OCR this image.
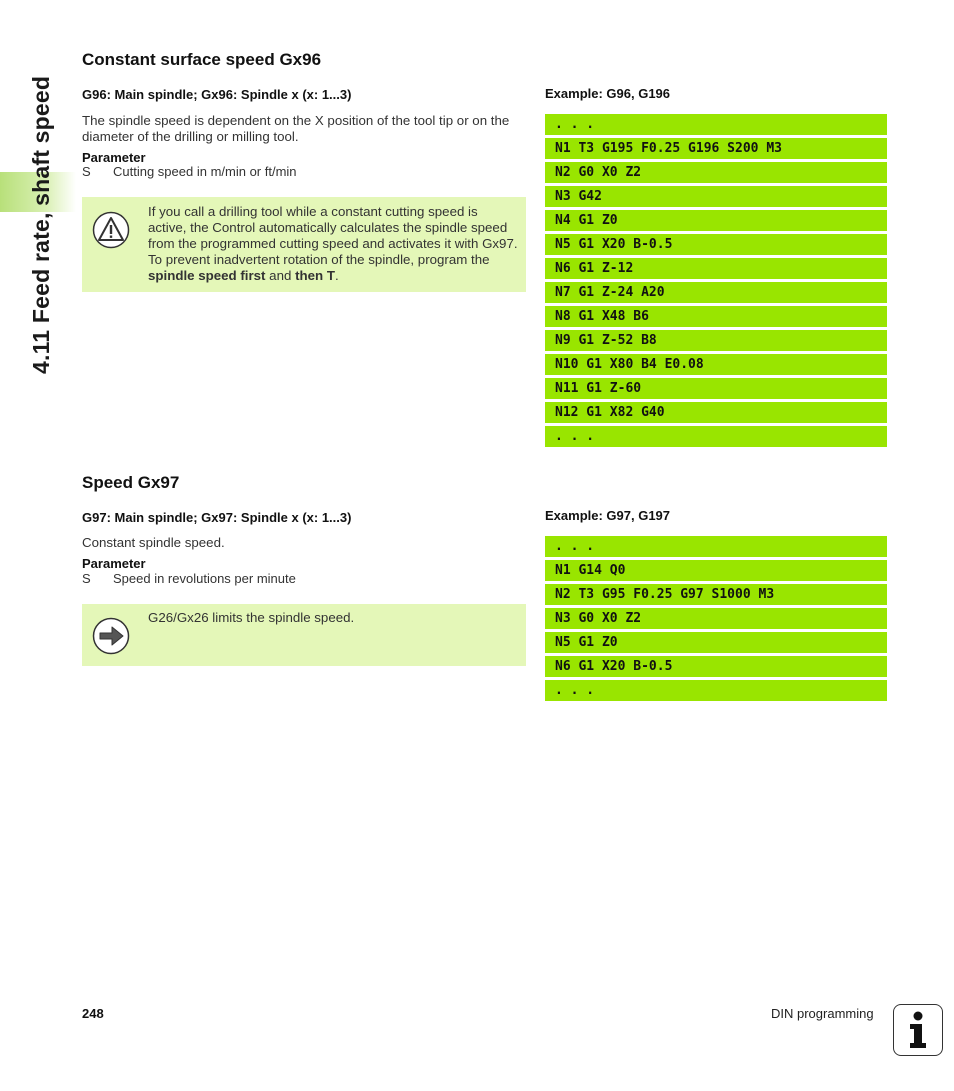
4.11 Feed rate, shaft speed
Constant surface speed Gx96
G96: Main spindle; Gx96: Spindle x (x: 1...3)
The spindle speed is dependent on the X position of the tool tip or on the diameter of the drilling or milling tool.
Parameter
S Cutting speed in m/min or ft/min
If you call a drilling tool while a constant cutting speed is active, the Control automatically calculates the spindle speed from the programmed cutting speed and activates it with Gx97. To prevent inadvertent rotation of the spindle, program the spindle speed first and then T.
Example: G96, G196
. . .
N1 T3 G195 F0.25 G196 S200 M3
N2 G0 X0 Z2
N3 G42
N4 G1 Z0
N5 G1 X20 B-0.5
N6 G1 Z-12
N7 G1 Z-24 A20
N8 G1 X48 B6
N9 G1 Z-52 B8
N10 G1 X80 B4 E0.08
N11 G1 Z-60
N12 G1 X82 G40
. . .
Speed Gx97
G97: Main spindle; Gx97: Spindle x (x: 1...3)
Constant spindle speed.
Parameter
S Speed in revolutions per minute
G26/Gx26 limits the spindle speed.
Example: G97, G197
. . .
N1 G14 Q0
N2 T3 G95 F0.25 G97 S1000 M3
N3 G0 X0 Z2
N5 G1 Z0
N6 G1 X20 B-0.5
. . .
248	DIN programming
